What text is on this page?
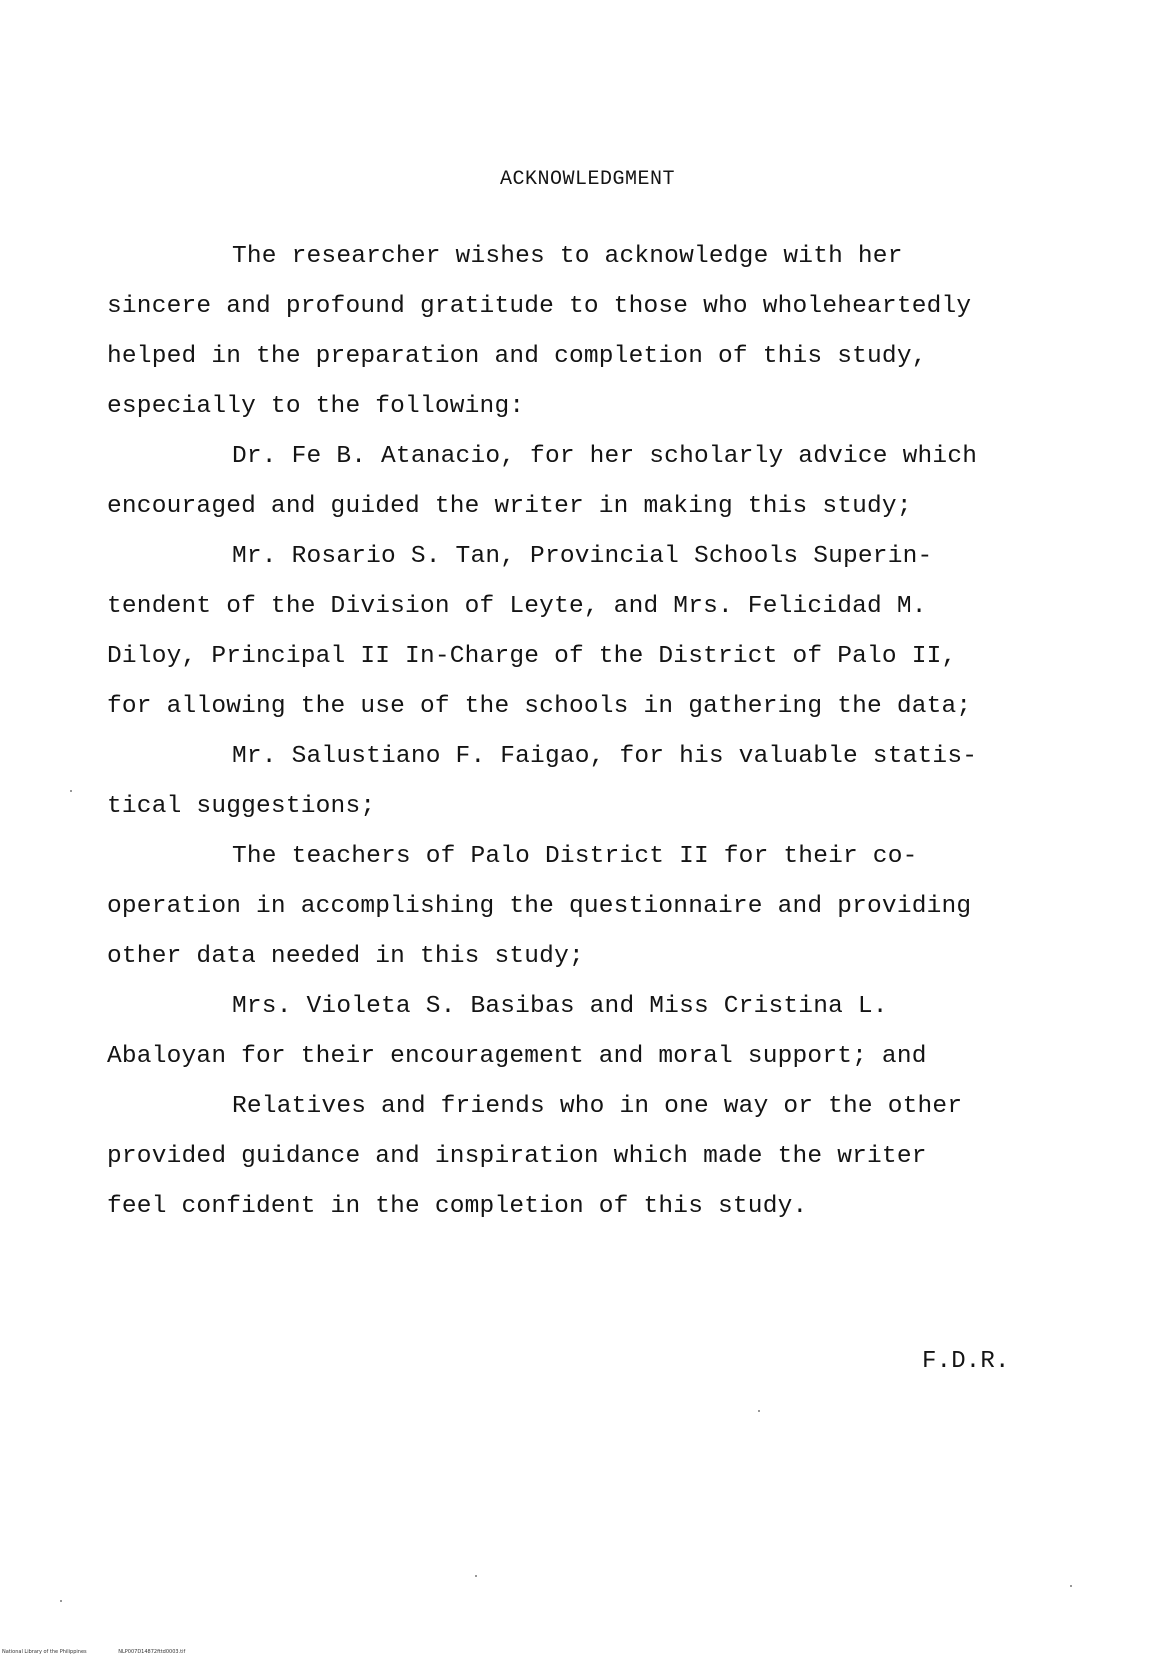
ACKNOWLEDGMENT

The researcher wishes to acknowledge with her

sincere and profound gratitude to those who wholeheartedly

helped in the preparation and completion of this study,

especially to the following:

Dr. Fe B. Atanacio, for her scholarly advice which

encouraged and guided the writer in making this study;

Mr. Rosario S. Tan, Provincial Schools Superin-

tendent of the Division of Leyte, and Mrs. Felicidad M.

Diloy, Principal II In-Charge of the District of Palo II,

for allowing the use of the schools in gathering the data;

Mr. Salustiano F. Faigao, for his valuable statis-

tical suggestions;

The teachers of Palo District II for their co-

operation in accomplishing the questionnaire and providing

other data needed in this study;

Mrs. Violeta S. Basibas and Miss Cristina L.

Abaloyan for their encouragement and moral support; and

Relatives and friends who in one way or the other

provided guidance and inspiration which made the writer

feel confident in the completion of this study.

F.D.R.

National Library of the Philippines	NLP007D14872fttd0003.tif
